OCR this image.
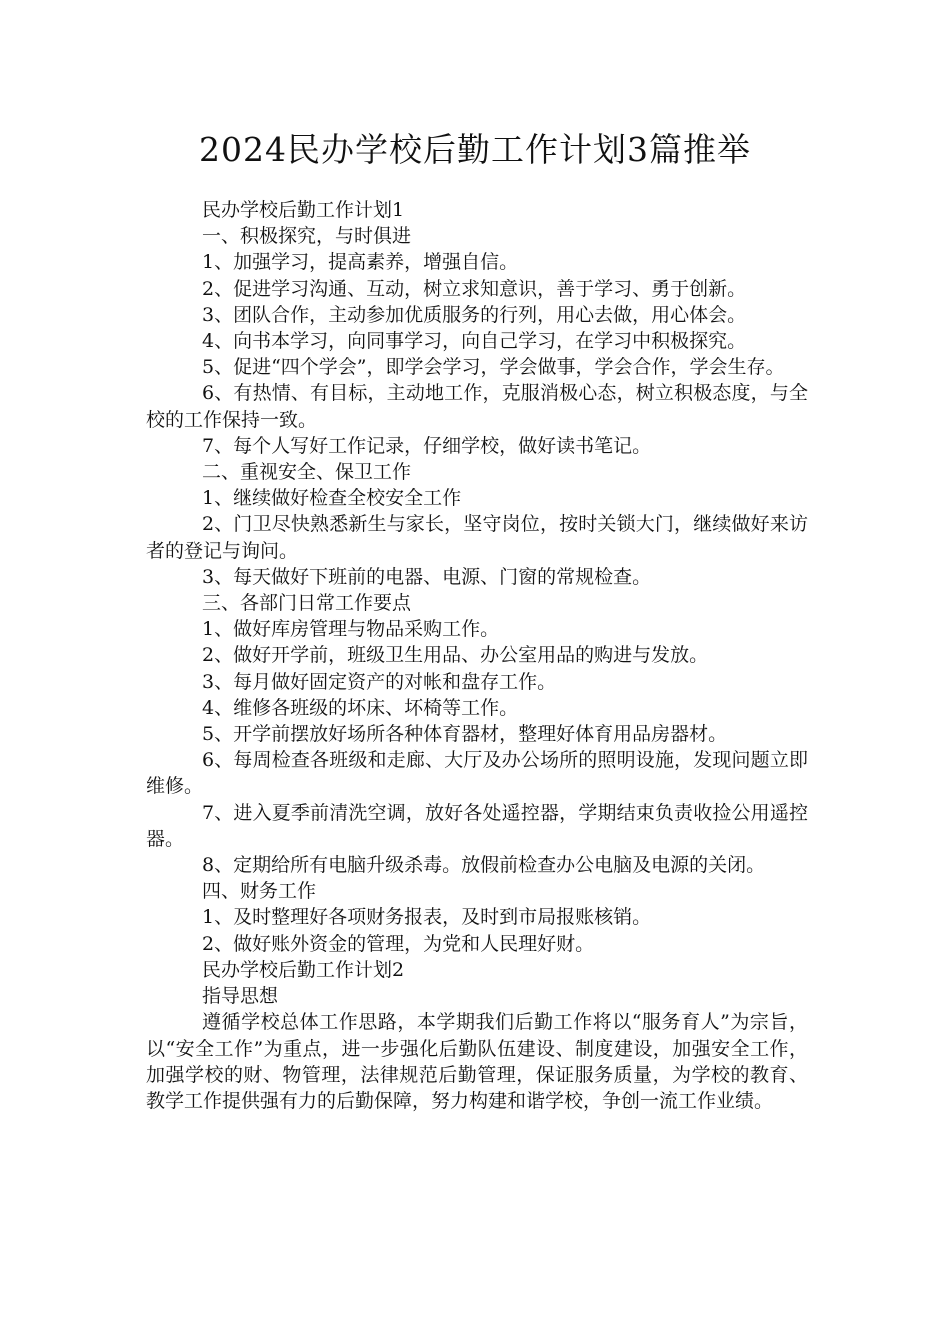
2024民办学校后勤工作计划3篇推举

民办学校后勤工作计划1

一、积极探究，与时俱进

1、加强学习，提高素养，增强自信。

2、促进学习沟通、互动，树立求知意识，善于学习、勇于创新。

3、团队合作，主动参加优质服务的行列，用心去做，用心体会。

4、向书本学习，向同事学习，向自己学习，在学习中积极探究。

5、促进“四个学会”，即学会学习，学会做事，学会合作，学会生存。

6、有热情、有目标，主动地工作，克服消极心态，树立积极态度，与全校的工作保持一致。

7、每个人写好工作记录，仔细学校，做好读书笔记。

二、重视安全、保卫工作

1、继续做好检查全校安全工作

2、门卫尽快熟悉新生与家长，坚守岗位，按时关锁大门，继续做好来访者的登记与询问。

3、每天做好下班前的电器、电源、门窗的常规检查。

三、各部门日常工作要点

1、做好库房管理与物品采购工作。

2、做好开学前，班级卫生用品、办公室用品的购进与发放。

3、每月做好固定资产的对帐和盘存工作。

4、维修各班级的坏床、坏椅等工作。

5、开学前摆放好场所各种体育器材，整理好体育用品房器材。

6、每周检查各班级和走廊、大厅及办公场所的照明设施，发现问题立即维修。

7、进入夏季前清洗空调，放好各处遥控器，学期结束负责收捡公用遥控器。

8、定期给所有电脑升级杀毒。放假前检查办公电脑及电源的关闭。

四、财务工作

1、及时整理好各项财务报表，及时到市局报账核销。

2、做好账外资金的管理，为党和人民理好财。

民办学校后勤工作计划2

指导思想

遵循学校总体工作思路，本学期我们后勤工作将以“服务育人”为宗旨，以“安全工作”为重点，进一步强化后勤队伍建设、制度建设，加强安全工作，加强学校的财、物管理，法律规范后勤管理，保证服务质量，为学校的教育、教学工作提供强有力的后勤保障，努力构建和谐学校，争创一流工作业绩。
